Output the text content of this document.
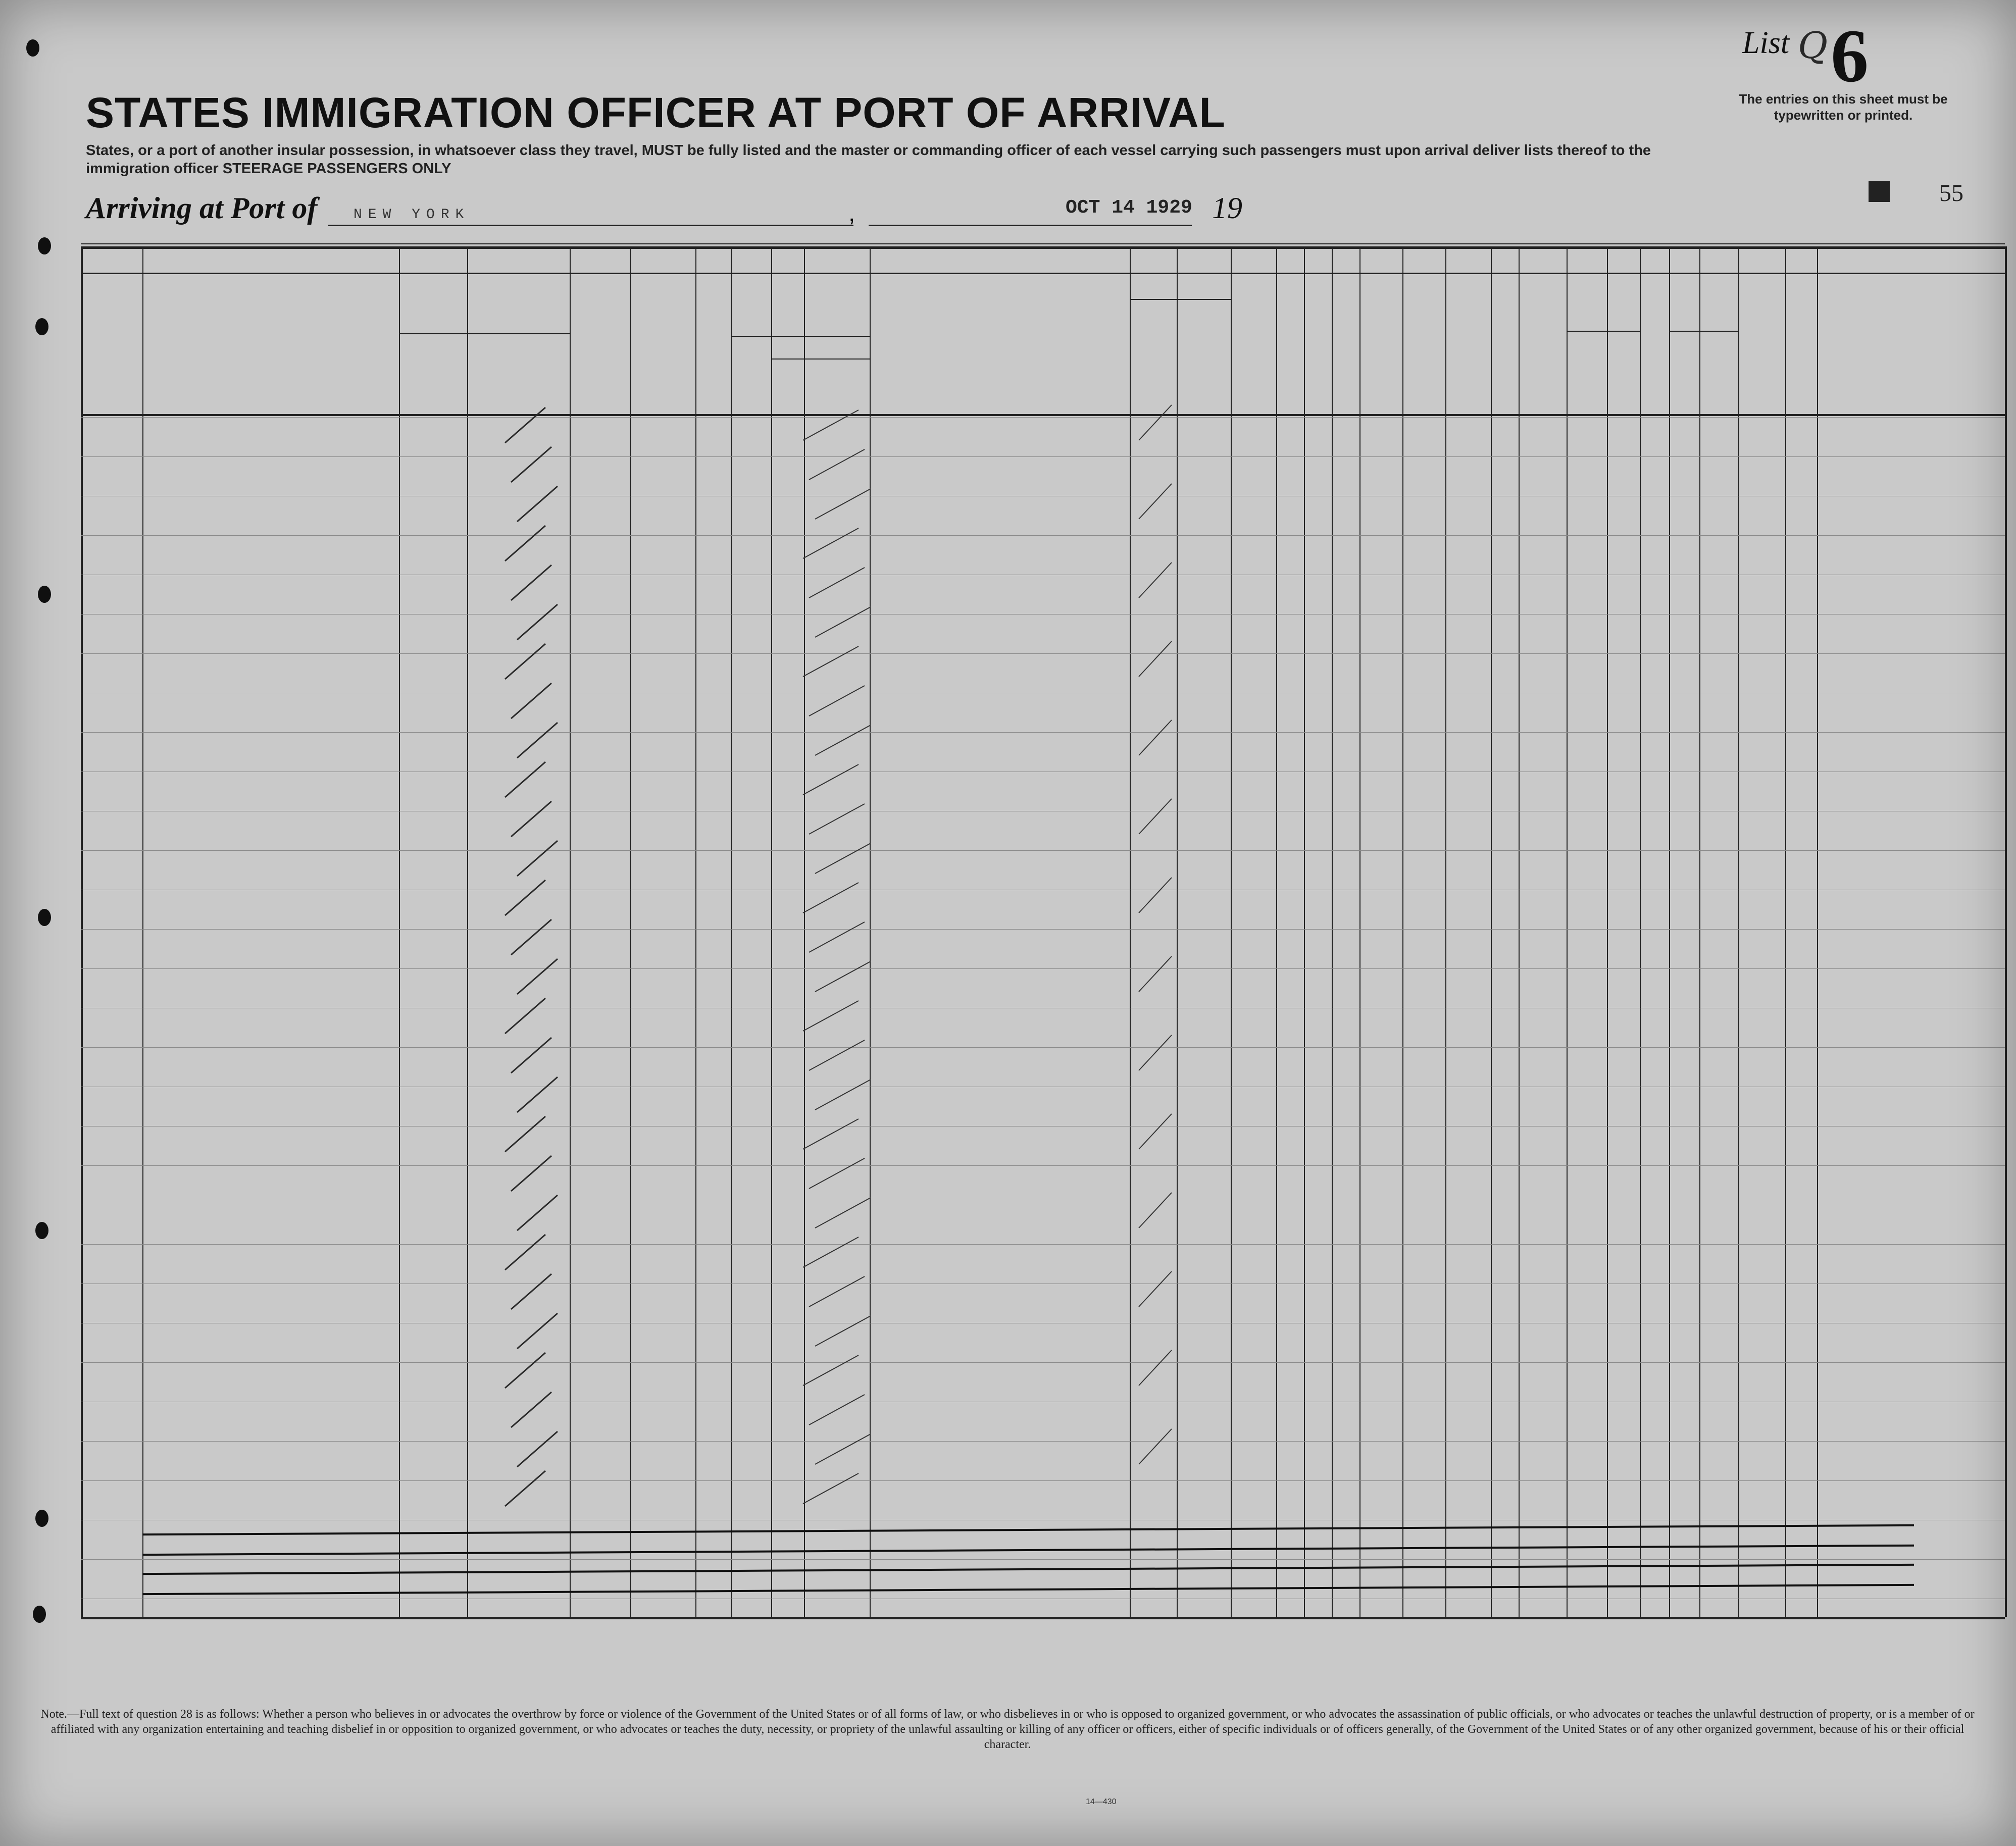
List Q 6
The entries on this sheet must be typewritten or printed.
STATES IMMIGRATION OFFICER AT PORT OF ARRIVAL
States, or a port of another insular possession, in whatsoever class they travel, MUST be fully listed and the master or commanding officer of each vessel carrying such passengers must upon arrival deliver lists thereof to the immigration officer STEERAGE PASSENGERS ONLY
Arriving at Port of	NEW YORK	,	OCT 14 1929 19	55
Note.—Full text of question 28 is as follows: Whether a person who believes in or advocates the overthrow by force or violence of the Government of the United States or of all forms of law, or who disbelieves in or who is opposed to organized government, or who advocates the assassination of public officials, or who advocates or teaches the unlawful destruction of property, or is a member of or affiliated with any organization entertaining and teaching disbelief in or opposition to organized government, or who advocates or teaches the duty, necessity, or propriety of the unlawful assaulting or killing of any officer or officers, either of specific individuals or of officers generally, of the Government of the United States or of any other organized government, because of his or their official character.
14—430
